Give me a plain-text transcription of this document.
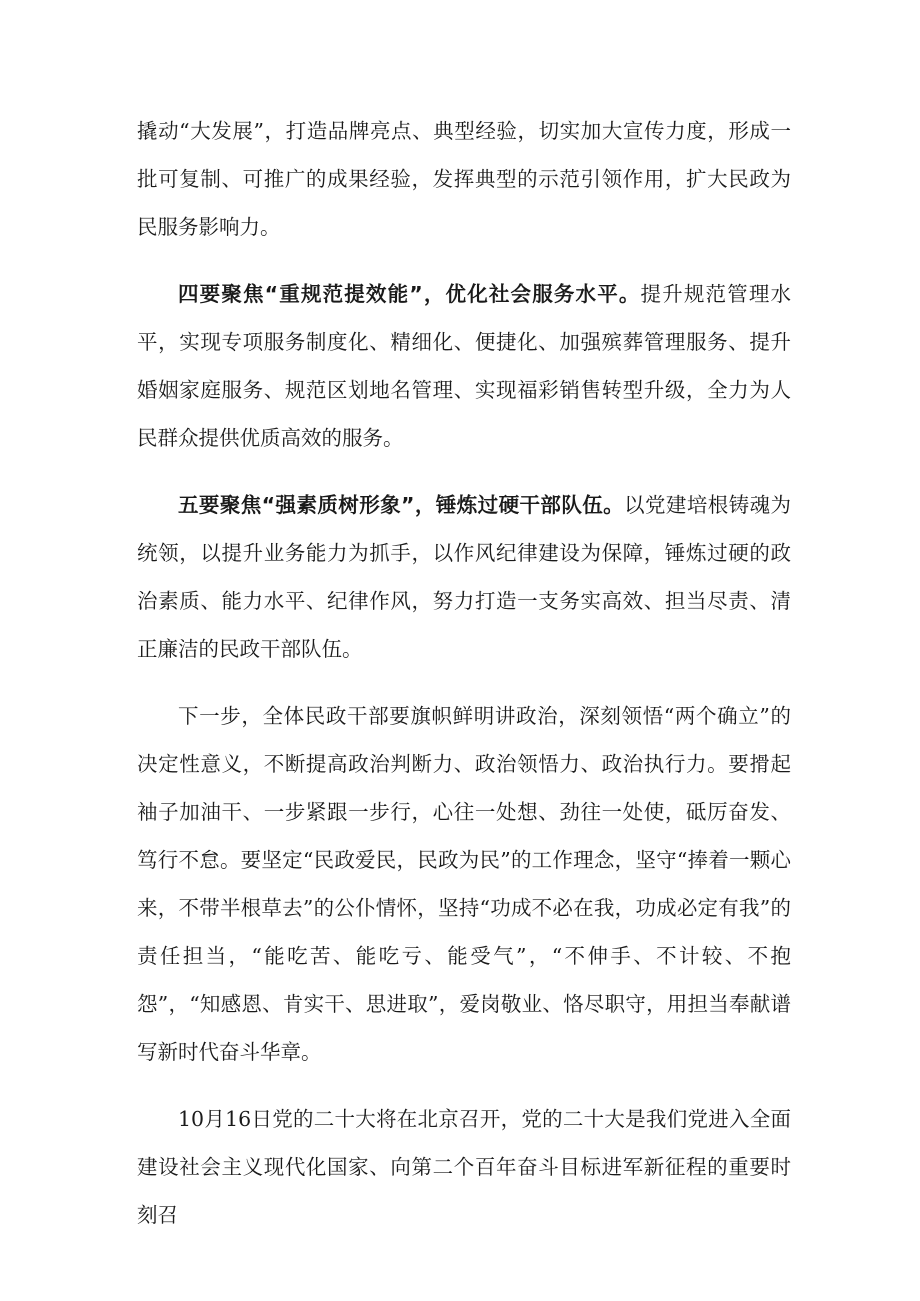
撬动“大发展”，打造品牌亮点、典型经验，切实加大宣传力度，形成一批可复制、可推广的成果经验，发挥典型的示范引领作用，扩大民政为民服务影响力。

四要聚焦“重规范提效能”，优化社会服务水平。提升规范管理水平，实现专项服务制度化、精细化、便捷化、加强殡葬管理服务、提升婚姻家庭服务、规范区划地名管理、实现福彩销售转型升级，全力为人民群众提供优质高效的服务。

五要聚焦“强素质树形象”，锤炼过硬干部队伍。以党建培根铸魂为统领，以提升业务能力为抓手，以作风纪律建设为保障，锤炼过硬的政治素质、能力水平、纪律作风，努力打造一支务实高效、担当尽责、清正廉洁的民政干部队伍。

下一步，全体民政干部要旗帜鲜明讲政治，深刻领悟“两个确立”的决定性意义，不断提高政治判断力、政治领悟力、政治执行力。要搰起袖子加油干、一步紧跟一步行，心往一处想、劲往一处使，砥厉奋发、笃行不怠。要坚定“民政爱民，民政为民”的工作理念，坚守“捧着一颗心来，不带半根草去”的公仆情怀，坚持“功成不必在我，功成必定有我”的责任担当，“能吃苦、能吃亏、能受气”，“不伸手、不计较、不抱怨”，“知感恩、肯实干、思进取”，爱岗敬业、恪尽职守，用担当奉献谱写新时代奋斗华章。

10月16日党的二十大将在北京召开，党的二十大是我们党进入全面建设社会主义现代化国家、向第二个百年奋斗目标进军新征程的重要时刻召
